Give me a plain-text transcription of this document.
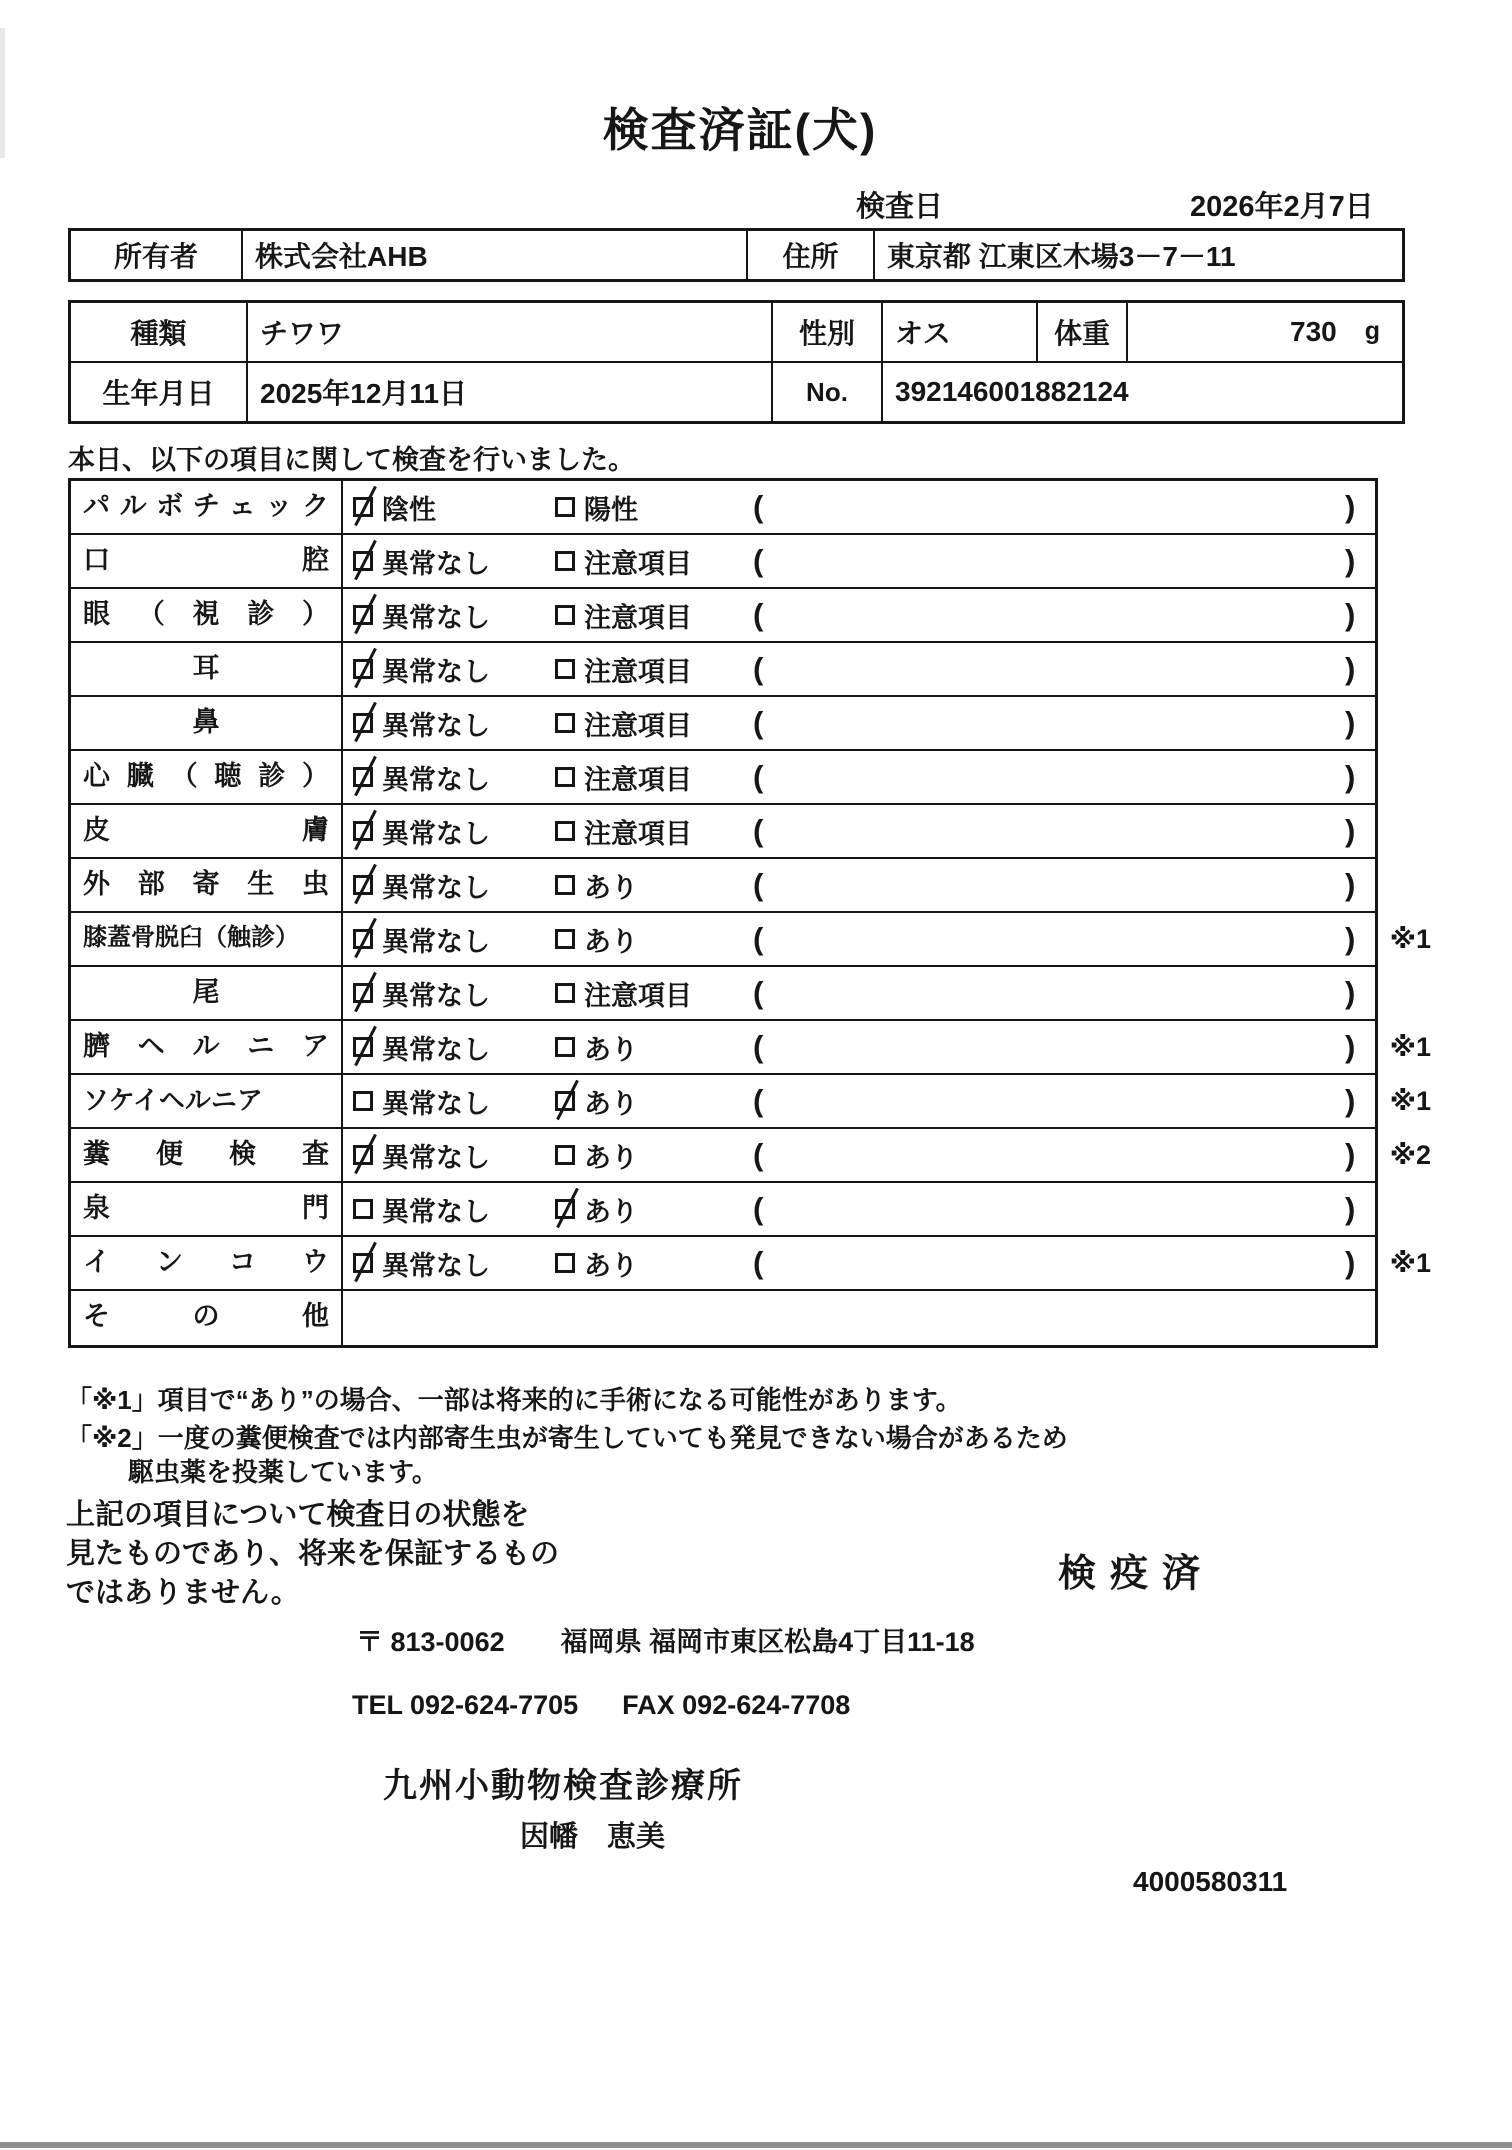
検査済証(犬)
検査日	2026年2月7日
所有者	株式会社AHB	住所	東京都 江東区木場3－7－11
種類	チワワ	性別	オス	体重	730 g
生年月日	2025年12月11日	No.	392146001882124
本日、以下の項目に関して検査を行いました。
パルボチェック	陰性	陽性	(	)
口腔	異常なし	注意項目 (	)
眼（視診）	異常なし	注意項目 (	)
耳	異常なし	注意項目 (	)
鼻	異常なし	注意項目 (	)
心臓（聴診）	異常なし	注意項目 (	)
皮膚	異常なし	注意項目 (	)
外部寄生虫	異常なし	あり	(	)
膝蓋骨脱臼（触診）	異常なし	あり	(	) ※1
尾	異常なし	注意項目 (	)
臍ヘルニア	異常なし	あり	(	) ※1
ソケイヘルニア	異常なし	あり	(	) ※1
糞便検査	異常なし	あり	(	) ※2
泉門	異常なし	あり	(	)
インコウ	異常なし	あり	(	) ※1
その他
「※1」項目で“あり”の場合、一部は将来的に手術になる可能性があります。
「※2」一度の糞便検査では内部寄生虫が寄生していても発見できない場合があるため
駆虫薬を投薬しています。
上記の項目について検査日の状態を
見たものであり、将来を保証するもの
ではありません。	検疫済
〒 813-0062 福岡県 福岡市東区松島4丁目11-18
TEL 092-624-7705 FAX 092-624-7708
九州小動物検査診療所
因幡　恵美
4000580311
